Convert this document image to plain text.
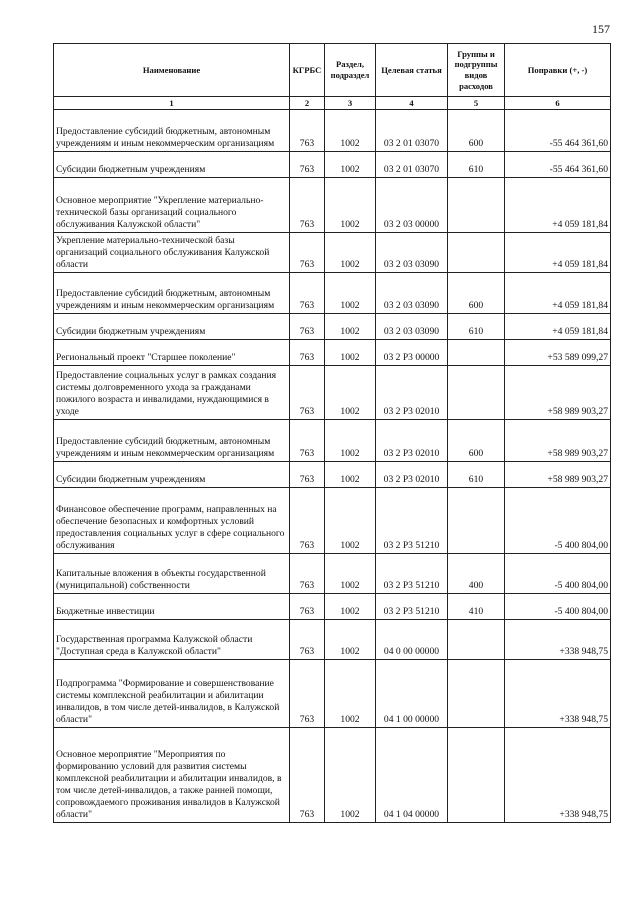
157
Наименование	КГРБС	Раздел, подраздел	Целевая статья	Группы и подгруппы видов расходов	Поправки (+, -)
1	2	3	4	5	6
Предоставление субсидий бюджетным, автономным учреждениям и иным некоммерческим организациям	763	1002	03 2 01 03070	600	-55 464 361,60
Субсидии бюджетным учреждениям	763	1002	03 2 01 03070	610	-55 464 361,60
Основное мероприятие "Укрепление материально-технической базы организаций социального обслуживания Калужской области"	763	1002	03 2 03 00000		+4 059 181,84
Укрепление материально-технической базы организаций социального обслуживания Калужской области	763	1002	03 2 03 03090		+4 059 181,84
Предоставление субсидий бюджетным, автономным учреждениям и иным некоммерческим организациям	763	1002	03 2 03 03090	600	+4 059 181,84
Субсидии бюджетным учреждениям	763	1002	03 2 03 03090	610	+4 059 181,84
Региональный проект "Старшее поколение"	763	1002	03 2 Р3 00000		+53 589 099,27
Предоставление социальных услуг в рамках создания системы долговременного ухода за гражданами пожилого возраста и инвалидами, нуждающимися в уходе	763	1002	03 2 Р3 02010		+58 989 903,27
Предоставление субсидий бюджетным, автономным учреждениям и иным некоммерческим организациям	763	1002	03 2 Р3 02010	600	+58 989 903,27
Субсидии бюджетным учреждениям	763	1002	03 2 Р3 02010	610	+58 989 903,27
Финансовое обеспечение программ, направленных на обеспечение безопасных и комфортных условий предоставления социальных услуг в сфере социального обслуживания	763	1002	03 2 Р3 51210		-5 400 804,00
Капитальные вложения в объекты государственной (муниципальной) собственности	763	1002	03 2 Р3 51210	400	-5 400 804,00
Бюджетные инвестиции	763	1002	03 2 Р3 51210	410	-5 400 804,00
Государственная программа Калужской области "Доступная среда в Калужской области"	763	1002	04 0 00 00000		+338 948,75
Подпрограмма "Формирование и совершенствование системы комплексной реабилитации и абилитации инвалидов, в том числе детей-инвалидов, в Калужской области"	763	1002	04 1 00 00000		+338 948,75
Основное мероприятие "Мероприятия по формированию условий для развития системы комплексной реабилитации и абилитации инвалидов, в том числе детей-инвалидов, а также ранней помощи, сопровождаемого проживания инвалидов в Калужской области"	763	1002	04 1 04 00000		+338 948,75
